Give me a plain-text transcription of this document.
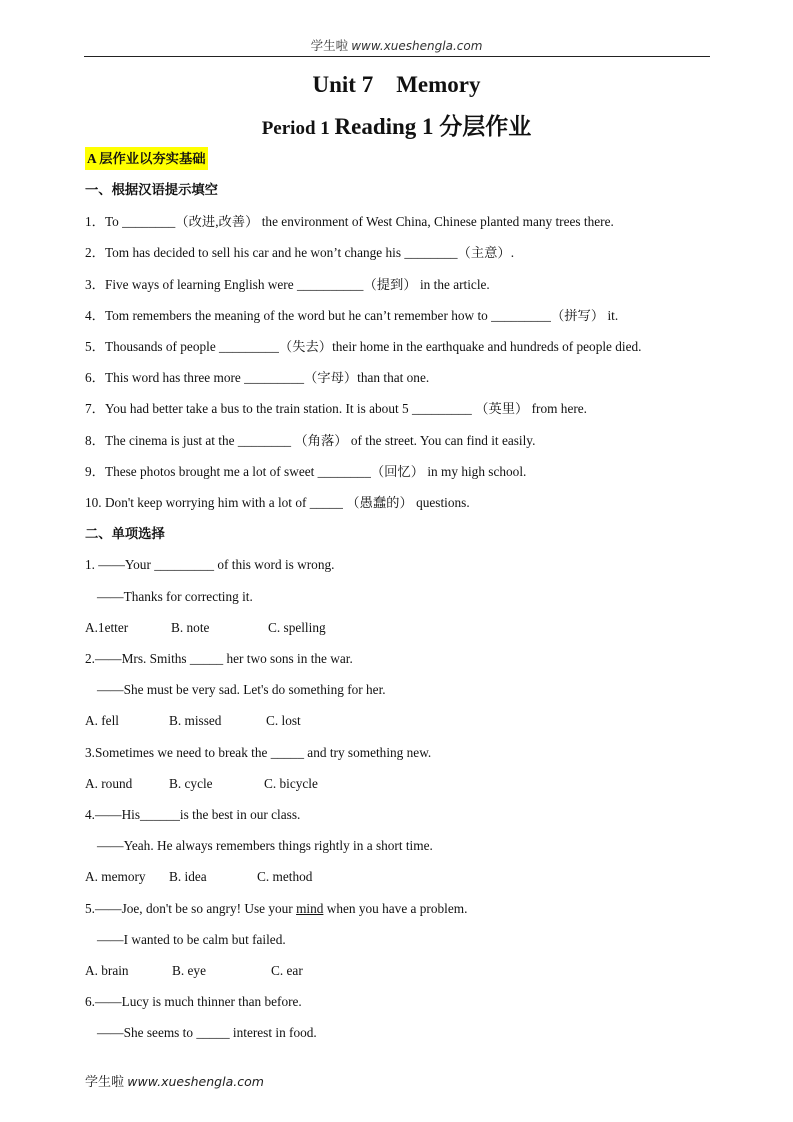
学生啦 www.xueshengla.com
Unit 7　Memory
Period 1 Reading 1 分层作业
A 层作业以夯实基础
一、根据汉语提示填空
1．To ________（改进,改善） the environment of West China, Chinese planted many trees there.
2．Tom has decided to sell his car and he won’t change his ________（主意）.
3．Five ways of learning English were __________（提到） in the article.
4．Tom remembers the meaning of the word but he can’t remember how to _________（拼写） it.
5．Thousands of people _________（失去）their home in the earthquake and hundreds of people died.
6．This word has three more _________（字母）than that one.
7．You had better take a bus to the train station. It is about 5 _________ （英里） from here.
8．The cinema is just at the ________ （角落） of the street. You can find it easily.
9．These photos brought me a lot of sweet ________（回忆） in my high school.
10. Don't keep worrying him with a lot of _____ （愚蠢的） questions.
二、单项选择
1. ——Your _________ of this word is wrong.
——Thanks for correcting it.
A.1etter	B. note	C. spelling
2.——Mrs. Smiths _____ her two sons in the war.
——She must be very sad. Let's do something for her.
A. fell	B. missed	C. lost
3.Sometimes we need to break the _____ and try something new.
A. round	B. cycle	C. bicycle
4.——His______is the best in our class.
——Yeah. He always remembers things rightly in a short time.
A. memory B. idea	C. method
5.——Joe, don't be so angry! Use your mind when you have a problem.
——I wanted to be calm but failed.
A. brain	B. eye	C. ear
6.——Lucy is much thinner than before.
——She seems to _____ interest in food.
学生啦 www.xueshengla.com
